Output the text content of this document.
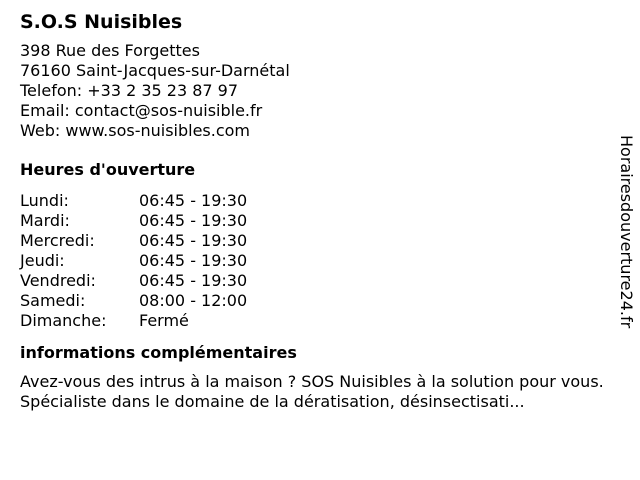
S.O.S Nuisibles
398 Rue des Forgettes
76160 Saint-Jacques-sur-Darnétal
Telefon: +33 2 35 23 87 97
Email: contact@sos-nuisible.fr
Web: www.sos-nuisibles.com
Heures d'ouverture
Lundi:	06:45 - 19:30
Mardi:	06:45 - 19:30
Mercredi:	06:45 - 19:30
Jeudi:	06:45 - 19:30
Vendredi:	06:45 - 19:30
Samedi:	08:00 - 12:00
Dimanche:	Fermé
informations complémentaires
Avez-vous des intrus à la maison ? SOS Nuisibles à la solution pour vous. Spécialiste dans le domaine de la dératisation, désinsectisati...
Horairesdouverture24.fr
